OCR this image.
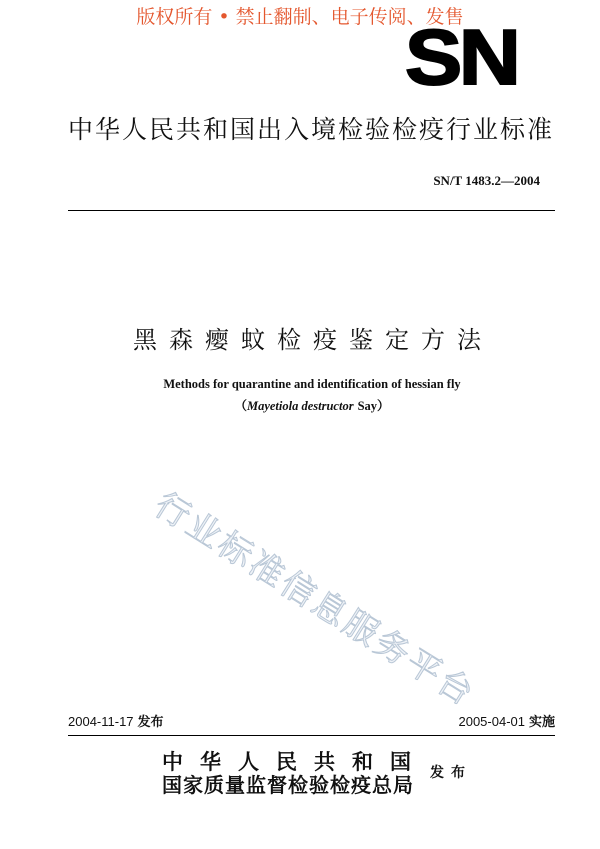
版权所有 • 禁止翻制、电子传阅、发售
SN
中华人民共和国出入境检验检疫行业标准
SN/T 1483.2—2004
黑森瘿蚊检疫鉴定方法
Methods for quarantine and identification of hessian fly
（Mayetiola destructor Say）
行业标准信息服务平台
2004-11-17 发布	2005-04-01 实施
中华人民共和国
国家质量监督检验检疫总局 发布
